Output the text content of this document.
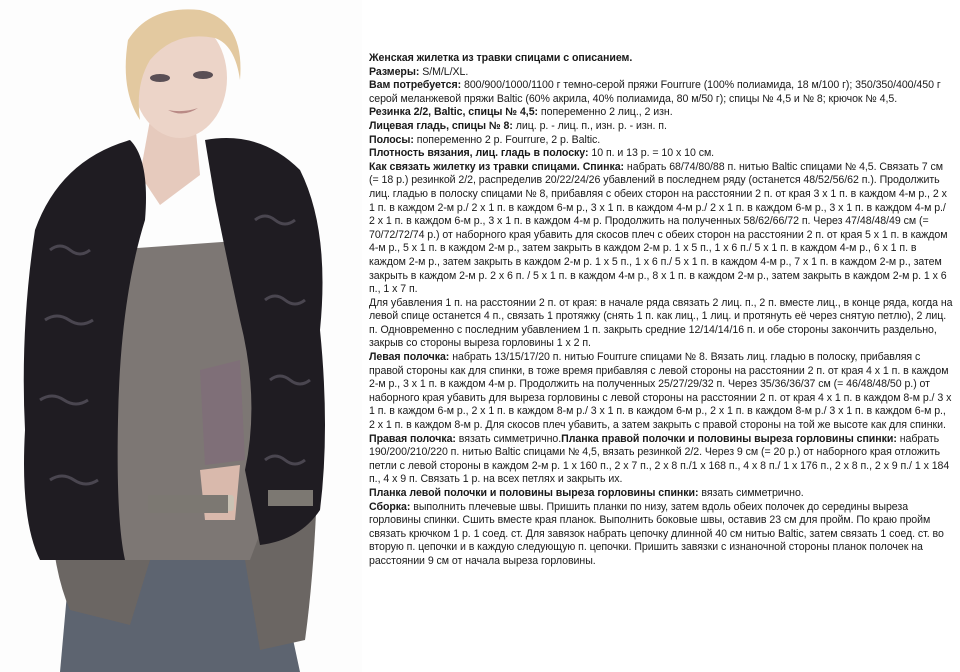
Женская жилетка из травки спицами с описанием.

Размеры: S/M/L/XL.

Вам потребуется: 800/900/1000/1100 г темно-серой пряжи Fourrure (100% полиамида, 18 м/100 г); 350/350/400/450 г серой меланжевой пряжи Baltic (60% акрила, 40% полиамида, 80 м/50 г); спицы № 4,5 и № 8; крючок № 4,5.

Резинка 2/2, Baltic, спицы № 4,5: попеременно 2 лиц., 2 изн.

Лицевая гладь, спицы № 8: лиц. р. - лиц. п., изн. р. - изн. п.

Полосы: попеременно 2 р. Fourrure, 2 р. Baltic.

Плотность вязания, лиц. гладь в полоску: 10 п. и 13 р. = 10 х 10 см.

Как связать жилетку из травки спицами. Спинка: набрать 68/74/80/88 п. нитью Baltic спицами № 4,5. Связать 7 см (= 18 р.) резинкой 2/2, распределив 20/22/24/26 убавлений в последнем ряду (останется 48/52/56/62 п.). Продолжить лиц. гладью в полоску спицами № 8, прибавляя с обеих сторон на расстоянии 2 п. от края 3 х 1 п. в каждом 4-м р., 2 х 1 п. в каждом 2-м р./ 2 х 1 п. в каждом 6-м р., 3 х 1 п. в каждом 4-м р./ 2 х 1 п. в каждом 6-м р., 3 х 1 п. в каждом 4-м р./ 2 х 1 п. в каждом 6-м р., 3 х 1 п. в каждом 4-м р. Продолжить на полученных 58/62/66/72 п. Через 47/48/48/49 см (= 70/72/72/74 р.) от наборного края убавить для скосов плеч с обеих сторон на расстоянии 2 п. от края 5 х 1 п. в каждом 4-м р., 5 х 1 п. в каждом 2-м р., затем закрыть в каждом 2-м р. 1 х 5 п., 1 х 6 п./ 5 х 1 п. в каждом 4-м р., 6 х 1 п. в каждом 2-м р., затем закрыть в каждом 2-м р. 1 х 5 п., 1 х 6 п./ 5 х 1 п. в каждом 4-м р., 7 х 1 п. в каждом 2-м р., затем закрыть в каждом 2-м р. 2 х 6 п. / 5 х 1 п. в каждом 4-м р., 8 х 1 п. в каждом 2-м р., затем закрыть в каждом 2-м р. 1 х 6 п., 1 х 7 п.

Для убавления 1 п. на расстоянии 2 п. от края: в начале ряда связать 2 лиц. п., 2 п. вместе лиц., в конце ряда, когда на левой спице останется 4 п., связать 1 протяжку (снять 1 п. как лиц., 1 лиц. и протянуть её через снятую петлю), 2 лиц. п. Одновременно с последним убавлением 1 п. закрыть средние 12/14/14/16 п. и обе стороны закончить раздельно, закрыв со стороны выреза горловины 1 х 2 п.

Левая полочка: набрать 13/15/17/20 п. нитью Fourrure спицами № 8. Вязать лиц. гладью в полоску, прибавляя с правой стороны как для спинки, в тоже время прибавляя с левой стороны на расстоянии 2 п. от края 4 х 1 п. в каждом 2-м р., 3 х 1 п. в каждом 4-м р. Продолжить на полученных 25/27/29/32 п. Через 35/36/36/37 см (= 46/48/48/50 р.) от наборного края убавить для выреза горловины с левой стороны на расстоянии 2 п. от края 4 х 1 п. в каждом 8-м р./ 3 х 1 п. в каждом 6-м р., 2 х 1 п. в каждом 8-м р./ 3 х 1 п. в каждом 6-м р., 2 х 1 п. в каждом 8-м р./ 3 х 1 п. в каждом 6-м р., 2 х 1 п. в каждом 8-м р. Для скосов плеч убавить, а затем закрыть с правой стороны на той же высоте как для спинки.

Правая полочка: вязать симметрично.Планка правой полочки и половины выреза горловины спинки: набрать 190/200/210/220 п. нитью Baltic спицами № 4,5, вязать резинкой 2/2. Через 9 см (= 20 р.) от наборного края отложить петли с левой стороны в каждом 2-м р. 1 х 160 п., 2 х 7 п., 2 х 8 п./1 х 168 п., 4 х 8 п./ 1 х 176 п., 2 х 8 п., 2 х 9 п./ 1 х 184 п., 4 х 9 п. Связать 1 р. на всех петлях и закрыть их.

Планка левой полочки и половины выреза горловины спинки: вязать симметрично.

Сборка: выполнить плечевые швы. Пришить планки по низу, затем вдоль обеих полочек до середины выреза горловины спинки. Сшить вместе края планок. Выполнить боковые швы, оставив 23 см для пройм. По краю пройм связать крючком 1 р. 1 соед. ст. Для завязок набрать цепочку длинной 40 см нитью Baltic, затем связать 1 соед. ст. во вторую п. цепочки и в каждую следующую п. цепочки. Пришить завязки с изнаночной стороны планок полочек на расстоянии 9 см от начала выреза горловины.
